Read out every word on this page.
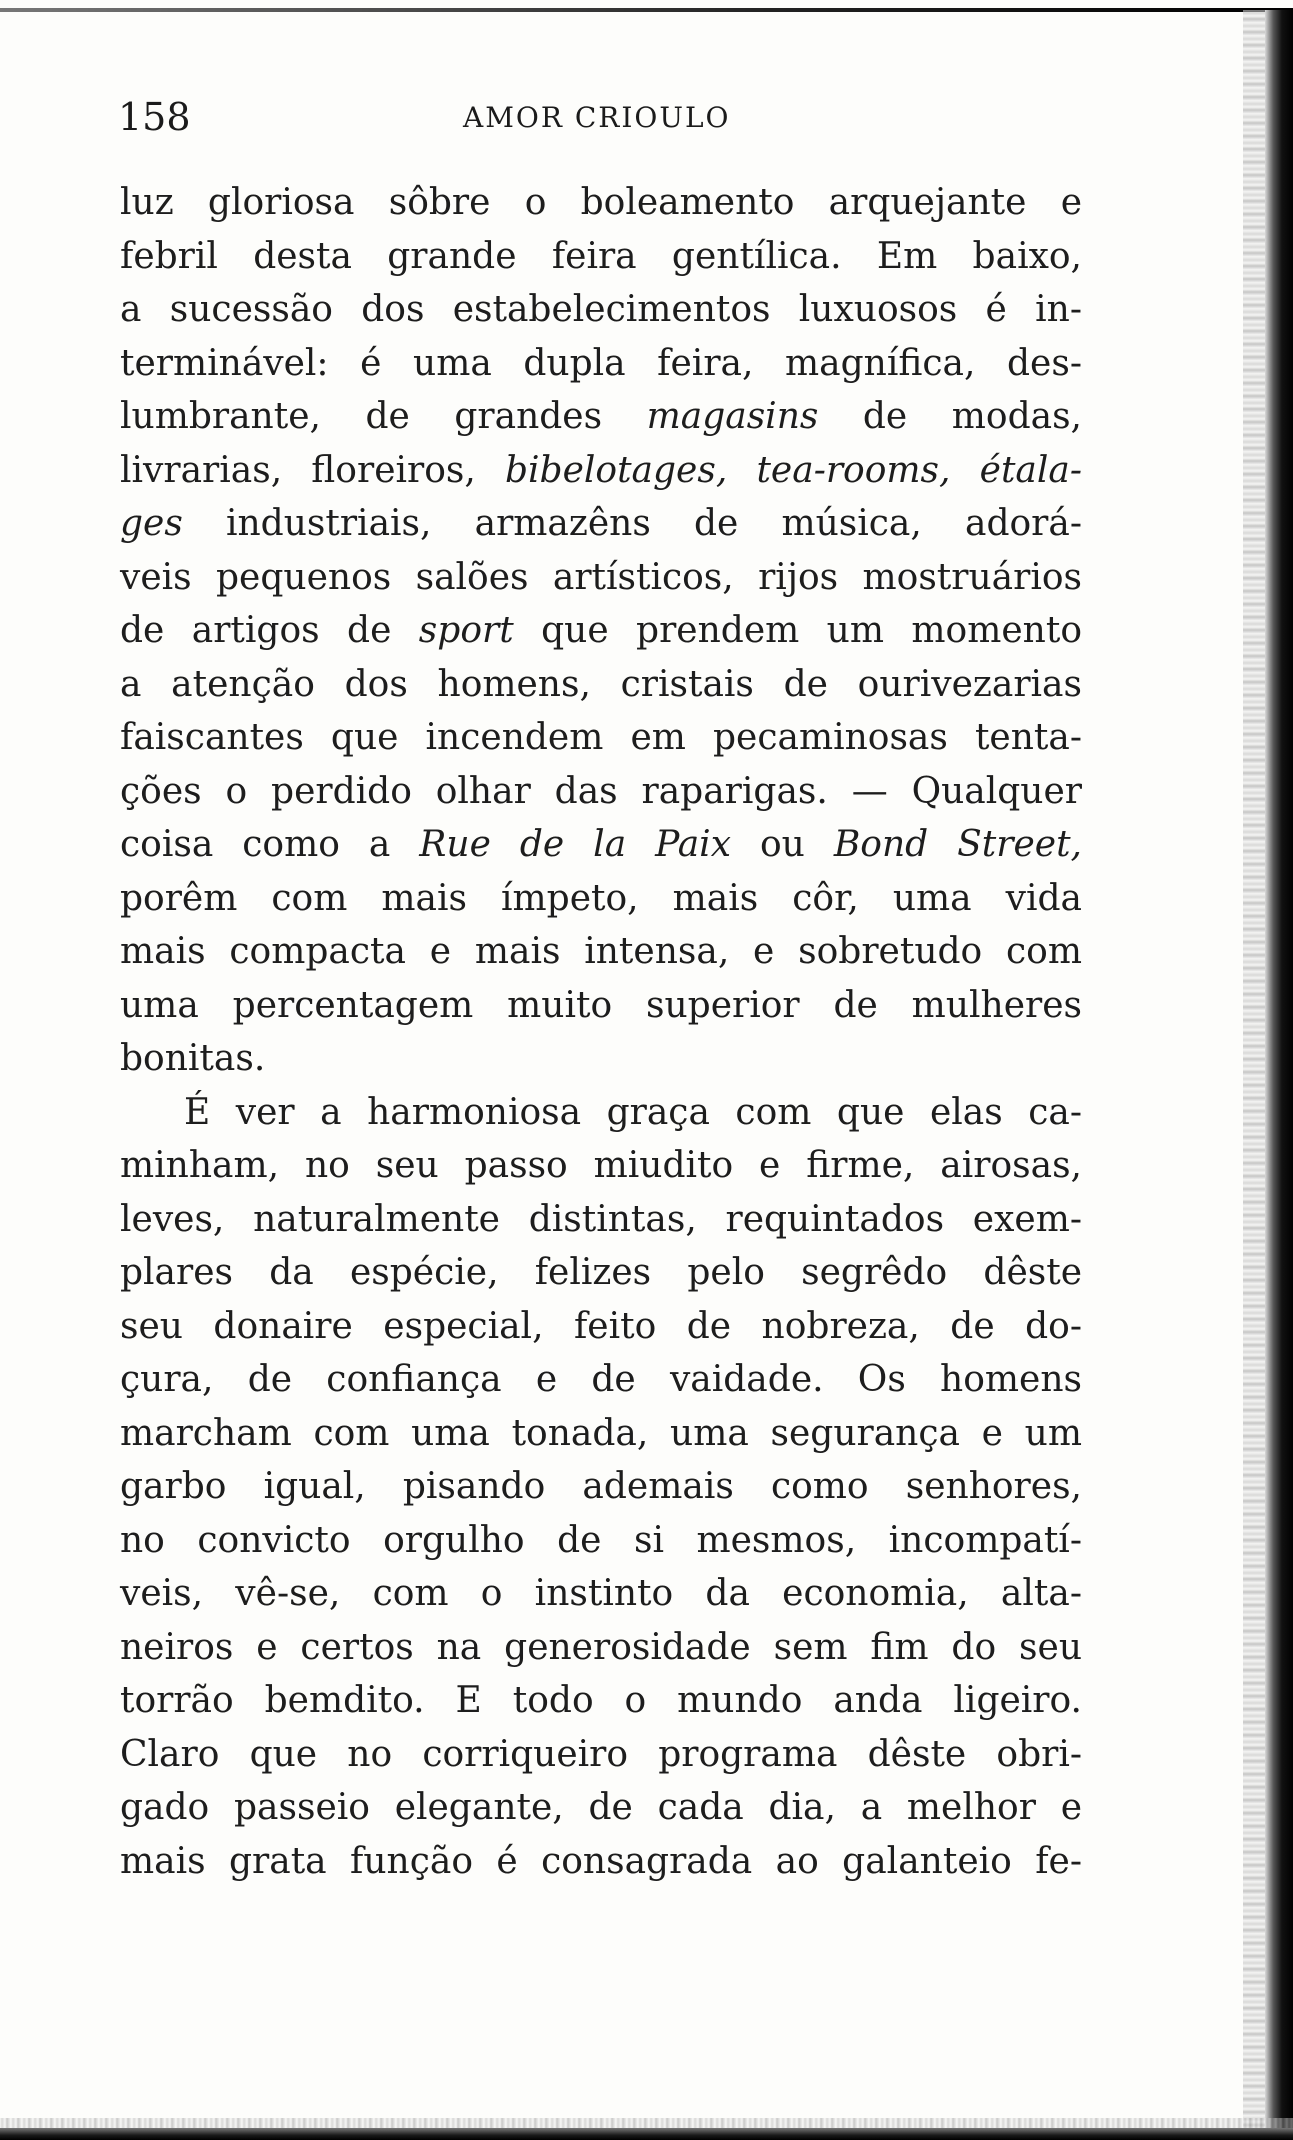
158	AMOR CRIOULO
luz gloriosa sôbre o boleamento arquejante e
febril desta grande feira gentílica. Em baixo,
a sucessão dos estabelecimentos luxuosos é in-
terminável: é uma dupla feira, magnífica, des-
lumbrante, de grandes magasins de modas,
livrarias, floreiros, bibelotages, tea-rooms, étala-
ges industriais, armazêns de música, adorá-
veis pequenos salões artísticos, rijos mostruários
de artigos de sport que prendem um momento
a atenção dos homens, cristais de ourivezarias
faiscantes que incendem em pecaminosas tenta-
ções o perdido olhar das raparigas. — Qualquer
coisa como a Rue de la Paix ou Bond Street,
porêm com mais ímpeto, mais côr, uma vida
mais compacta e mais intensa, e sobretudo com
uma percentagem muito superior de mulheres
bonitas.
É ver a harmoniosa graça com que elas ca-
minham, no seu passo miudito e firme, airosas,
leves, naturalmente distintas, requintados exem-
plares da espécie, felizes pelo segrêdo dêste
seu donaire especial, feito de nobreza, de do-
çura, de confiança e de vaidade. Os homens
marcham com uma tonada, uma segurança e um
garbo igual, pisando ademais como senhores,
no convicto orgulho de si mesmos, incompatí-
veis, vê-se, com o instinto da economia, alta-
neiros e certos na generosidade sem fim do seu
torrão bemdito. E todo o mundo anda ligeiro.
Claro que no corriqueiro programa dêste obri-
gado passeio elegante, de cada dia, a melhor e
mais grata função é consagrada ao galanteio fe-
